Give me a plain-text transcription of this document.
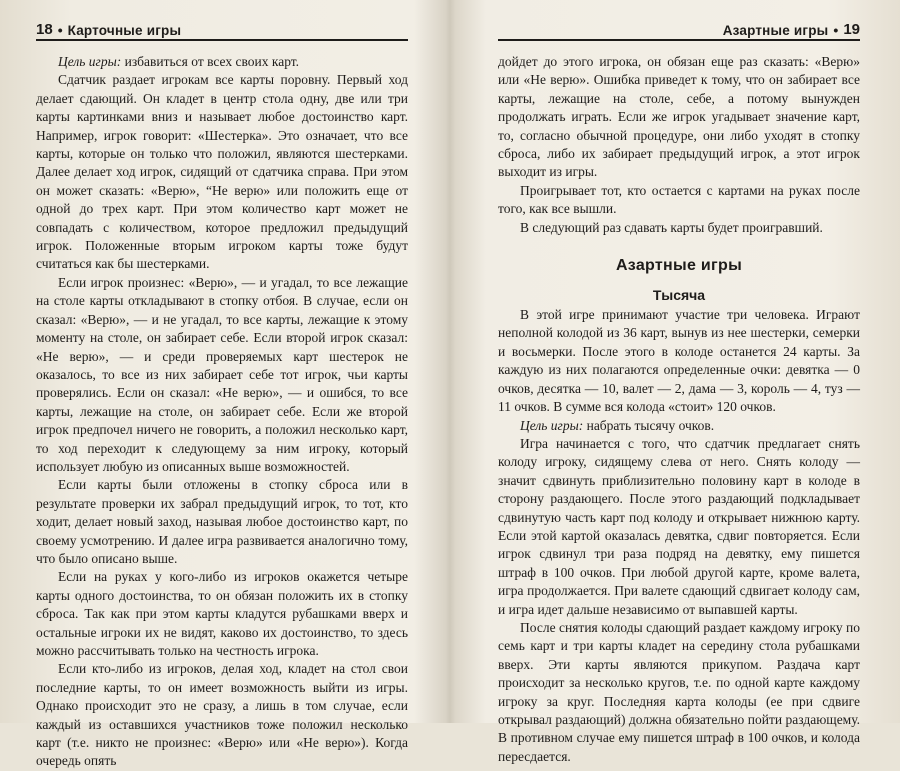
18 • Карточные игры

Цель игры: избавиться от всех своих карт.

Сдатчик раздает игрокам все карты поровну. Первый ход делает сдающий. Он кладет в центр стола одну, две или три карты картинками вниз и называет любое достоинство карт. Например, игрок говорит: «Шестерка». Это означает, что все карты, которые он только что положил, являются шестерками. Далее делает ход игрок, сидящий от сдатчика справа. При этом он может сказать: «Верю», “Не верю» или положить еще от одной до трех карт. При этом количество карт может не совпадать с количеством, которое предложил предыдущий игрок. Положенные вторым игроком карты тоже будут считаться как бы шестерками.

Если игрок произнес: «Верю», — и угадал, то все лежащие на столе карты откладывают в стопку отбоя. В случае, если он сказал: «Верю», — и не угадал, то все карты, лежащие к этому моменту на столе, он забирает себе. Если второй игрок сказал: «Не верю», — и среди проверяемых карт шестерок не оказалось, то все из них забирает себе тот игрок, чьи карты проверялись. Если он сказал: «Не верю», — и ошибся, то все карты, лежащие на столе, он забирает себе. Если же второй игрок предпочел ничего не говорить, а положил несколько карт, то ход переходит к следующему за ним игроку, который использует любую из описанных выше возможностей.

Если карты были отложены в стопку сброса или в результате проверки их забрал предыдущий игрок, то тот, кто ходит, делает новый заход, называя любое достоинство карт, по своему усмотрению. И далее игра развивается аналогично тому, что было описано выше.

Если на руках у кого-либо из игроков окажется четыре карты одного достоинства, то он обязан положить их в стопку сброса. Так как при этом карты кладутся рубашками вверх и остальные игроки их не видят, каково их достоинство, то здесь можно рассчитывать только на честность игрока.

Если кто-либо из игроков, делая ход, кладет на стол свои последние карты, то он имеет возможность выйти из игры. Однако происходит это не сразу, а лишь в том случае, если каждый из оставшихся участников тоже положил несколько карт (т.е. никто не произнес: «Верю» или «Не верю»). Когда очередь опять

Азартные игры • 19

дойдет до этого игрока, он обязан еще раз сказать: «Верю» или «Не верю». Ошибка приведет к тому, что он забирает все карты, лежащие на столе, себе, а потому вынужден продолжать играть. Если же игрок угадывает значение карт, то, согласно обычной процедуре, они либо уходят в стопку сброса, либо их забирает предыдущий игрок, а этот игрок выходит из игры.

Проигрывает тот, кто остается с картами на руках после того, как все вышли.

В следующий раз сдавать карты будет проигравший.

Азартные игры
Тысяча

В этой игре принимают участие три человека. Играют неполной колодой из 36 карт, вынув из нее шестерки, семерки и восьмерки. После этого в колоде останется 24 карты. За каждую из них полагаются определенные очки: девятка — 0 очков, десятка — 10, валет — 2, дама — 3, король — 4, туз — 11 очков. В сумме вся колода «стоит» 120 очков.

Цель игры: набрать тысячу очков.

Игра начинается с того, что сдатчик предлагает снять колоду игроку, сидящему слева от него. Снять колоду — значит сдвинуть приблизительно половину карт в колоде в сторону раздающего. После этого раздающий подкладывает сдвинутую часть карт под колоду и открывает нижнюю карту. Если этой картой оказалась девятка, сдвиг повторяется. Если игрок сдвинул три раза подряд на девятку, ему пишется штраф в 100 очков. При любой другой карте, кроме валета, игра продолжается. При валете сдающий сдвигает колоду сам, и игра идет дальше независимо от выпавшей карты.

После снятия колоды сдающий раздает каждому игроку по семь карт и три карты кладет на середину стола рубашками вверх. Эти карты являются прикупом. Раздача карт происходит за несколько кругов, т.е. по одной карте каждому игроку за круг. Последняя карта колоды (ее при сдвиге открывал раздающий) должна обязательно пойти раздающему. В противном случае ему пишется штраф в 100 очков, и колода пересдается.
